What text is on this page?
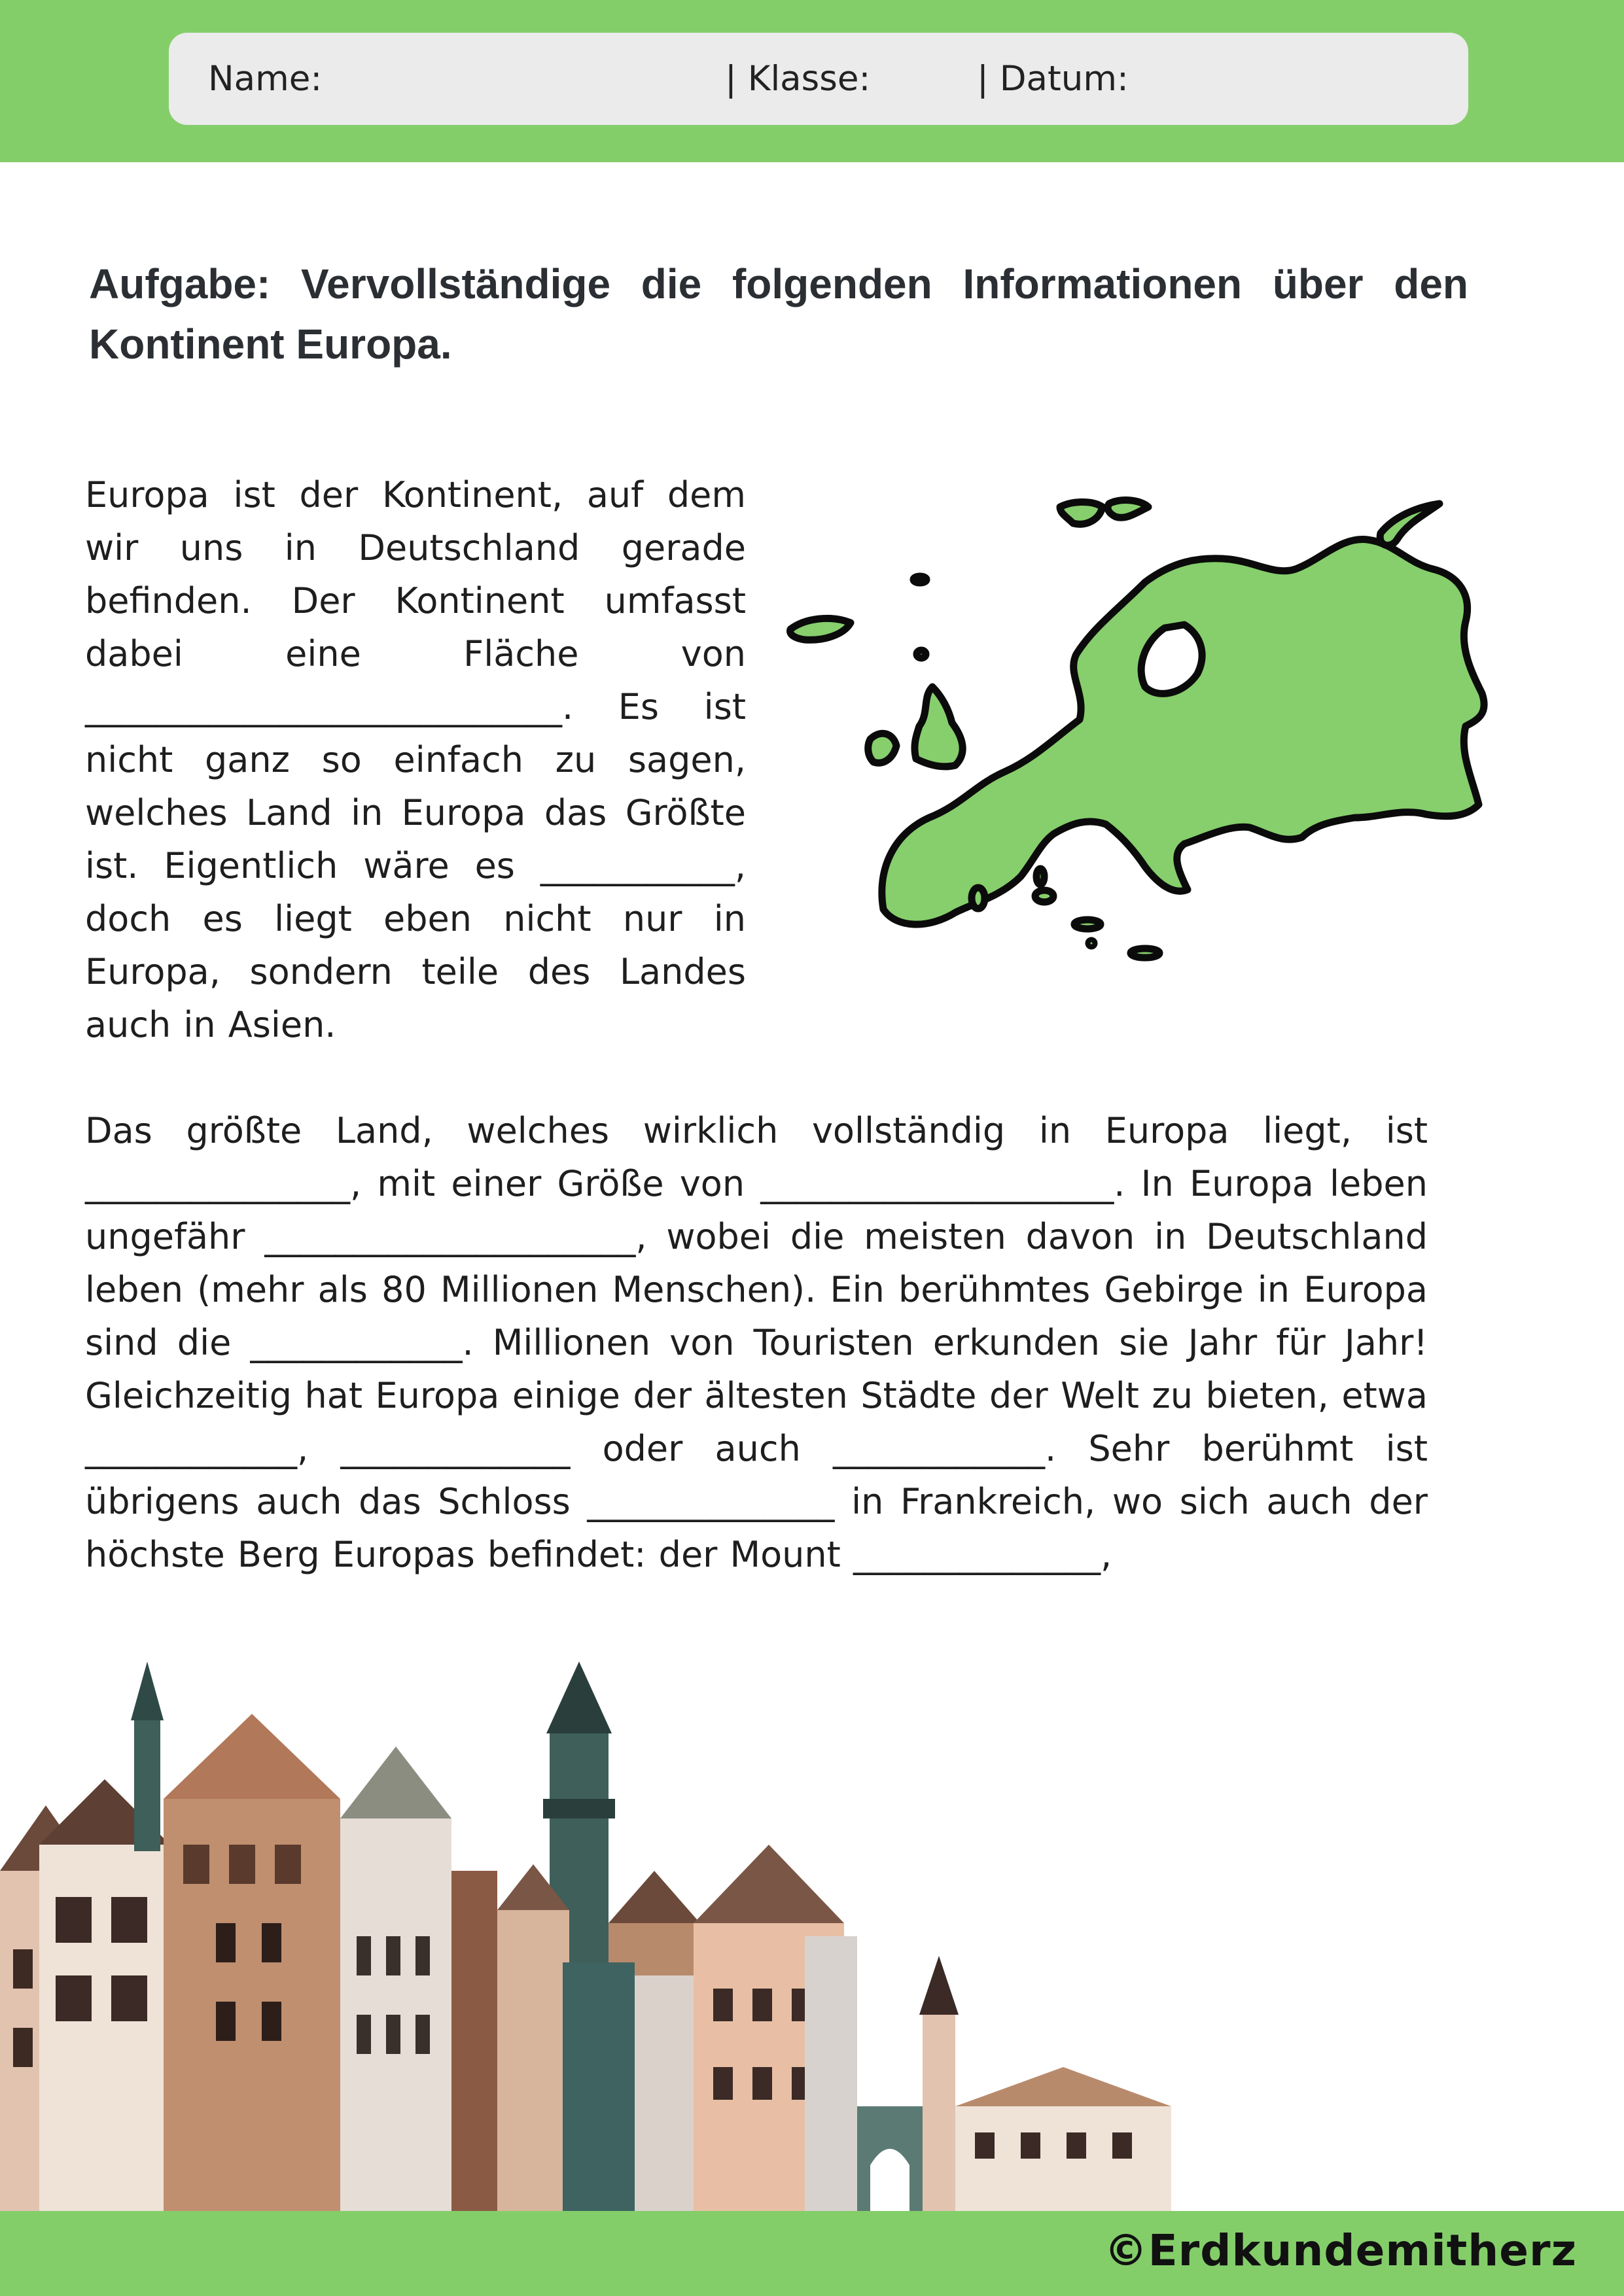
Name:	| Klasse:	| Datum:

Aufgabe: Vervollständige die folgenden Informationen über den Kontinent Europa.

Europa ist der Kontinent, auf dem wir uns in Deutschland gerade befinden. Der Kontinent umfasst dabei eine Fläche von ___________________________. Es ist nicht ganz so einfach zu sagen, welches Land in Europa das Größte ist. Eigentlich wäre es ___________, doch es liegt eben nicht nur in Europa, sondern teile des Landes auch in Asien.

Das größte Land, welches wirklich vollständig in Europa liegt, ist _______________, mit einer Größe von ____________________. In Europa leben ungefähr _____________________, wobei die meisten davon in Deutschland leben (mehr als 80 Millionen Menschen). Ein berühmtes Gebirge in Europa sind die ____________. Millionen von Touristen erkunden sie Jahr für Jahr! Gleichzeitig hat Europa einige der ältesten Städte der Welt zu bieten, etwa ____________, _____________ oder auch ____________. Sehr berühmt ist übrigens auch das Schloss ______________ in Frankreich, wo sich auch der höchste Berg Europas befindet: der Mount ______________,

©Erdkundemitherz
